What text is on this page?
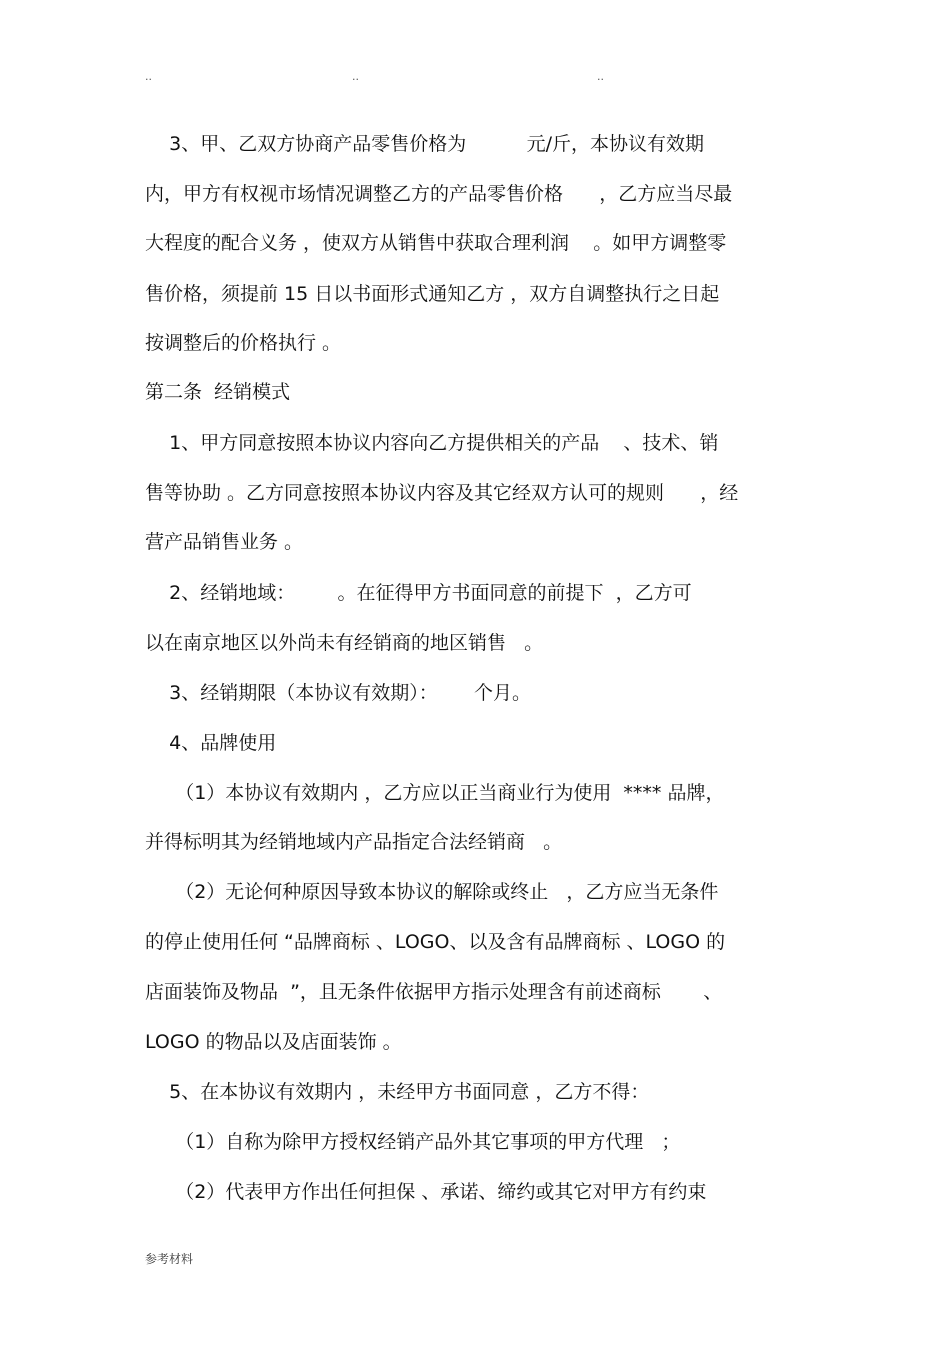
..	..	..
3、甲、乙双方协商产品零售价格为          元/斤，本协议有效期
内，甲方有权视市场情况调整乙方的产品零售价格      ，乙方应当尽最
大程度的配合义务 ，使双方从销售中获取合理利润    。如甲方调整零
售价格，须提前 15 日以书面形式通知乙方 ，双方自调整执行之日起
按调整后的价格执行 。
第二条  经销模式
1、甲方同意按照本协议内容向乙方提供相关的产品    、技术、销
售等协助 。乙方同意按照本协议内容及其它经双方认可的规则      ，经
营产品销售业务 。
2、经销地域：       。在征得甲方书面同意的前提下  ，乙方可
以在南京地区以外尚未有经销商的地区销售   。
3、经销期限（本协议有效期）：      个月。
4、品牌使用
（1）本协议有效期内 ，乙方应以正当商业行为使用  **** 品牌，
并得标明其为经销地域内产品指定合法经销商   。
（2）无论何种原因导致本协议的解除或终止   ，乙方应当无条件
的停止使用任何 “品牌商标 、LOGO、以及含有品牌商标 、LOGO 的
店面装饰及物品  ”，且无条件依据甲方指示处理含有前述商标       、
LOGO 的物品以及店面装饰 。
5、在本协议有效期内 ，未经甲方书面同意 ，乙方不得：
（1）自称为除甲方授权经销产品外其它事项的甲方代理   ；
（2）代表甲方作出任何担保 、承诺、缔约或其它对甲方有约束
参考材料
